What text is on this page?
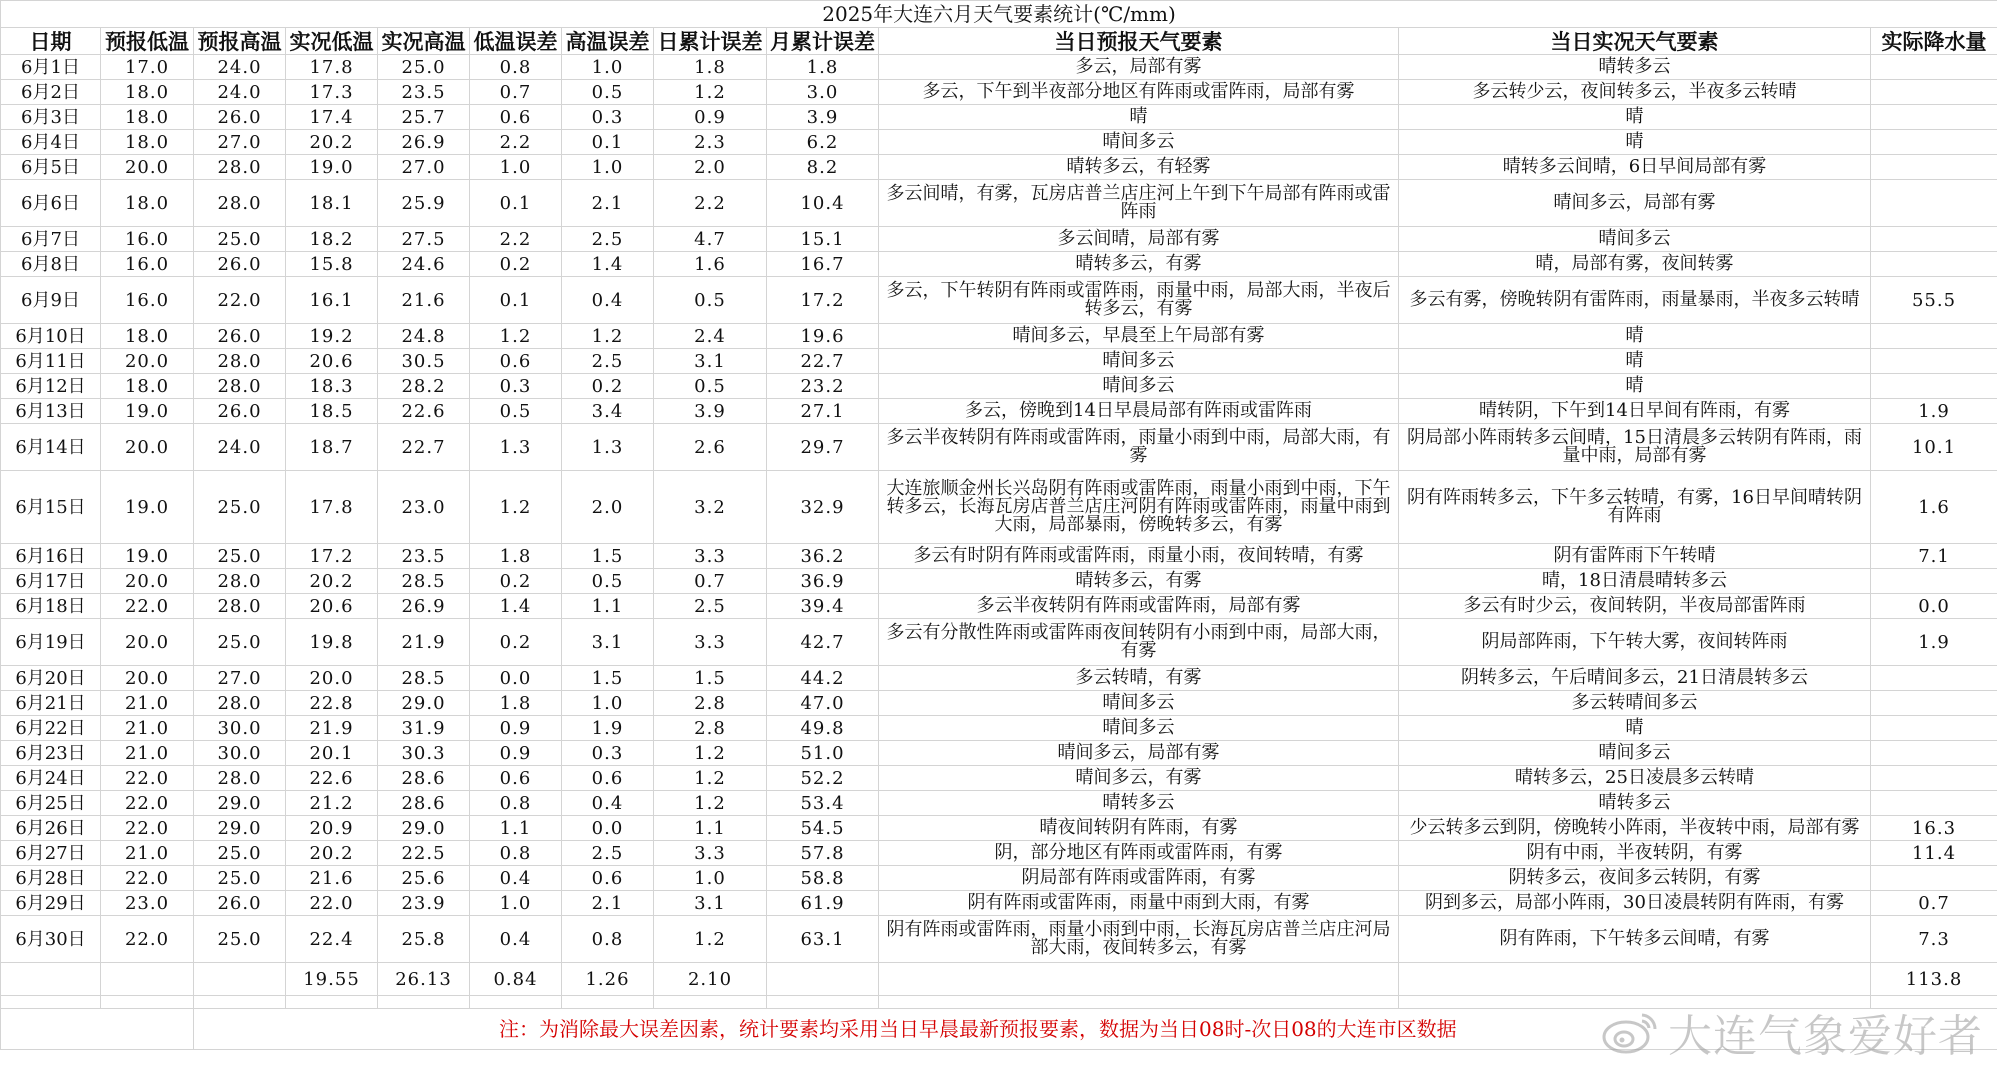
2025年大连六月天气要素统计(℃/mm)											
日期	预报低温	预报高温	实况低温	实况高温	低温误差	高温误差	日累计误差	月累计误差	当日预报天气要素	当日实况天气要素	实际降水量
6月1日	17.0	24.0	17.8	25.0	0.8	1.0	1.8	1.8	多云，局部有雾	晴转多云	
6月2日	18.0	24.0	17.3	23.5	0.7	0.5	1.2	3.0	多云，下午到半夜部分地区有阵雨或雷阵雨，局部有雾	多云转少云，夜间转多云，半夜多云转晴	
6月3日	18.0	26.0	17.4	25.7	0.6	0.3	0.9	3.9	晴	晴	
6月4日	18.0	27.0	20.2	26.9	2.2	0.1	2.3	6.2	晴间多云	晴	
6月5日	20.0	28.0	19.0	27.0	1.0	1.0	2.0	8.2	晴转多云，有轻雾	晴转多云间晴，6日早间局部有雾	
6月6日	18.0	28.0	18.1	25.9	0.1	2.1	2.2	10.4	多云间晴，有雾，瓦房店普兰店庄河上午到下午局部有阵雨或雷阵雨	晴间多云，局部有雾	
6月7日	16.0	25.0	18.2	27.5	2.2	2.5	4.7	15.1	多云间晴，局部有雾	晴间多云	
6月8日	16.0	26.0	15.8	24.6	0.2	1.4	1.6	16.7	晴转多云，有雾	晴，局部有雾，夜间转雾	
6月9日	16.0	22.0	16.1	21.6	0.1	0.4	0.5	17.2	多云，下午转阴有阵雨或雷阵雨，雨量中雨，局部大雨，半夜后转多云，有雾	多云有雾，傍晚转阴有雷阵雨，雨量暴雨，半夜多云转晴	55.5
6月10日	18.0	26.0	19.2	24.8	1.2	1.2	2.4	19.6	晴间多云，早晨至上午局部有雾	晴	
6月11日	20.0	28.0	20.6	30.5	0.6	2.5	3.1	22.7	晴间多云	晴	
6月12日	18.0	28.0	18.3	28.2	0.3	0.2	0.5	23.2	晴间多云	晴	
6月13日	19.0	26.0	18.5	22.6	0.5	3.4	3.9	27.1	多云，傍晚到14日早晨局部有阵雨或雷阵雨	晴转阴，下午到14日早间有阵雨，有雾	1.9
6月14日	20.0	24.0	18.7	22.7	1.3	1.3	2.6	29.7	多云半夜转阴有阵雨或雷阵雨，雨量小雨到中雨，局部大雨，有雾	阴局部小阵雨转多云间晴，15日清晨多云转阴有阵雨，雨量中雨，局部有雾	10.1
6月15日	19.0	25.0	17.8	23.0	1.2	2.0	3.2	32.9	大连旅顺金州长兴岛阴有阵雨或雷阵雨，雨量小雨到中雨，下午转多云，长海瓦房店普兰店庄河阴有阵雨或雷阵雨，雨量中雨到大雨，局部暴雨，傍晚转多云，有雾	阴有阵雨转多云，下午多云转晴，有雾，16日早间晴转阴有阵雨	1.6
6月16日	19.0	25.0	17.2	23.5	1.8	1.5	3.3	36.2	多云有时阴有阵雨或雷阵雨，雨量小雨，夜间转晴，有雾	阴有雷阵雨下午转晴	7.1
6月17日	20.0	28.0	20.2	28.5	0.2	0.5	0.7	36.9	晴转多云，有雾	晴，18日清晨晴转多云	
6月18日	22.0	28.0	20.6	26.9	1.4	1.1	2.5	39.4	多云半夜转阴有阵雨或雷阵雨，局部有雾	多云有时少云，夜间转阴，半夜局部雷阵雨	0.0
6月19日	20.0	25.0	19.8	21.9	0.2	3.1	3.3	42.7	多云有分散性阵雨或雷阵雨夜间转阴有小雨到中雨，局部大雨，有雾	阴局部阵雨，下午转大雾，夜间转阵雨	1.9
6月20日	20.0	27.0	20.0	28.5	0.0	1.5	1.5	44.2	多云转晴，有雾	阴转多云，午后晴间多云，21日清晨转多云	
6月21日	21.0	28.0	22.8	29.0	1.8	1.0	2.8	47.0	晴间多云	多云转晴间多云	
6月22日	21.0	30.0	21.9	31.9	0.9	1.9	2.8	49.8	晴间多云	晴	
6月23日	21.0	30.0	20.1	30.3	0.9	0.3	1.2	51.0	晴间多云，局部有雾	晴间多云	
6月24日	22.0	28.0	22.6	28.6	0.6	0.6	1.2	52.2	晴间多云，有雾	晴转多云，25日凌晨多云转晴	
6月25日	22.0	29.0	21.2	28.6	0.8	0.4	1.2	53.4	晴转多云	晴转多云	
6月26日	22.0	29.0	20.9	29.0	1.1	0.0	1.1	54.5	晴夜间转阴有阵雨，有雾	少云转多云到阴，傍晚转小阵雨，半夜转中雨，局部有雾	16.3
6月27日	21.0	25.0	20.2	22.5	0.8	2.5	3.3	57.8	阴，部分地区有阵雨或雷阵雨，有雾	阴有中雨，半夜转阴，有雾	11.4
6月28日	22.0	25.0	21.6	25.6	0.4	0.6	1.0	58.8	阴局部有阵雨或雷阵雨，有雾	阴转多云，夜间多云转阴，有雾	
6月29日	23.0	26.0	22.0	23.9	1.0	2.1	3.1	61.9	阴有阵雨或雷阵雨，雨量中雨到大雨，有雾	阴到多云，局部小阵雨，30日凌晨转阴有阵雨，有雾	0.7
6月30日	22.0	25.0	22.4	25.8	0.4	0.8	1.2	63.1	阴有阵雨或雷阵雨，雨量小雨到中雨，长海瓦房店普兰店庄河局部大雨，夜间转多云，有雾	阴有阵雨，下午转多云间晴，有雾	7.3
			19.55	26.13	0.84	1.26	2.10				113.8

		注：为消除最大误差因素，统计要素均采用当日早晨最新预报要素，数据为当日08时-次日08的大连市区数据										大连气象爱好者
